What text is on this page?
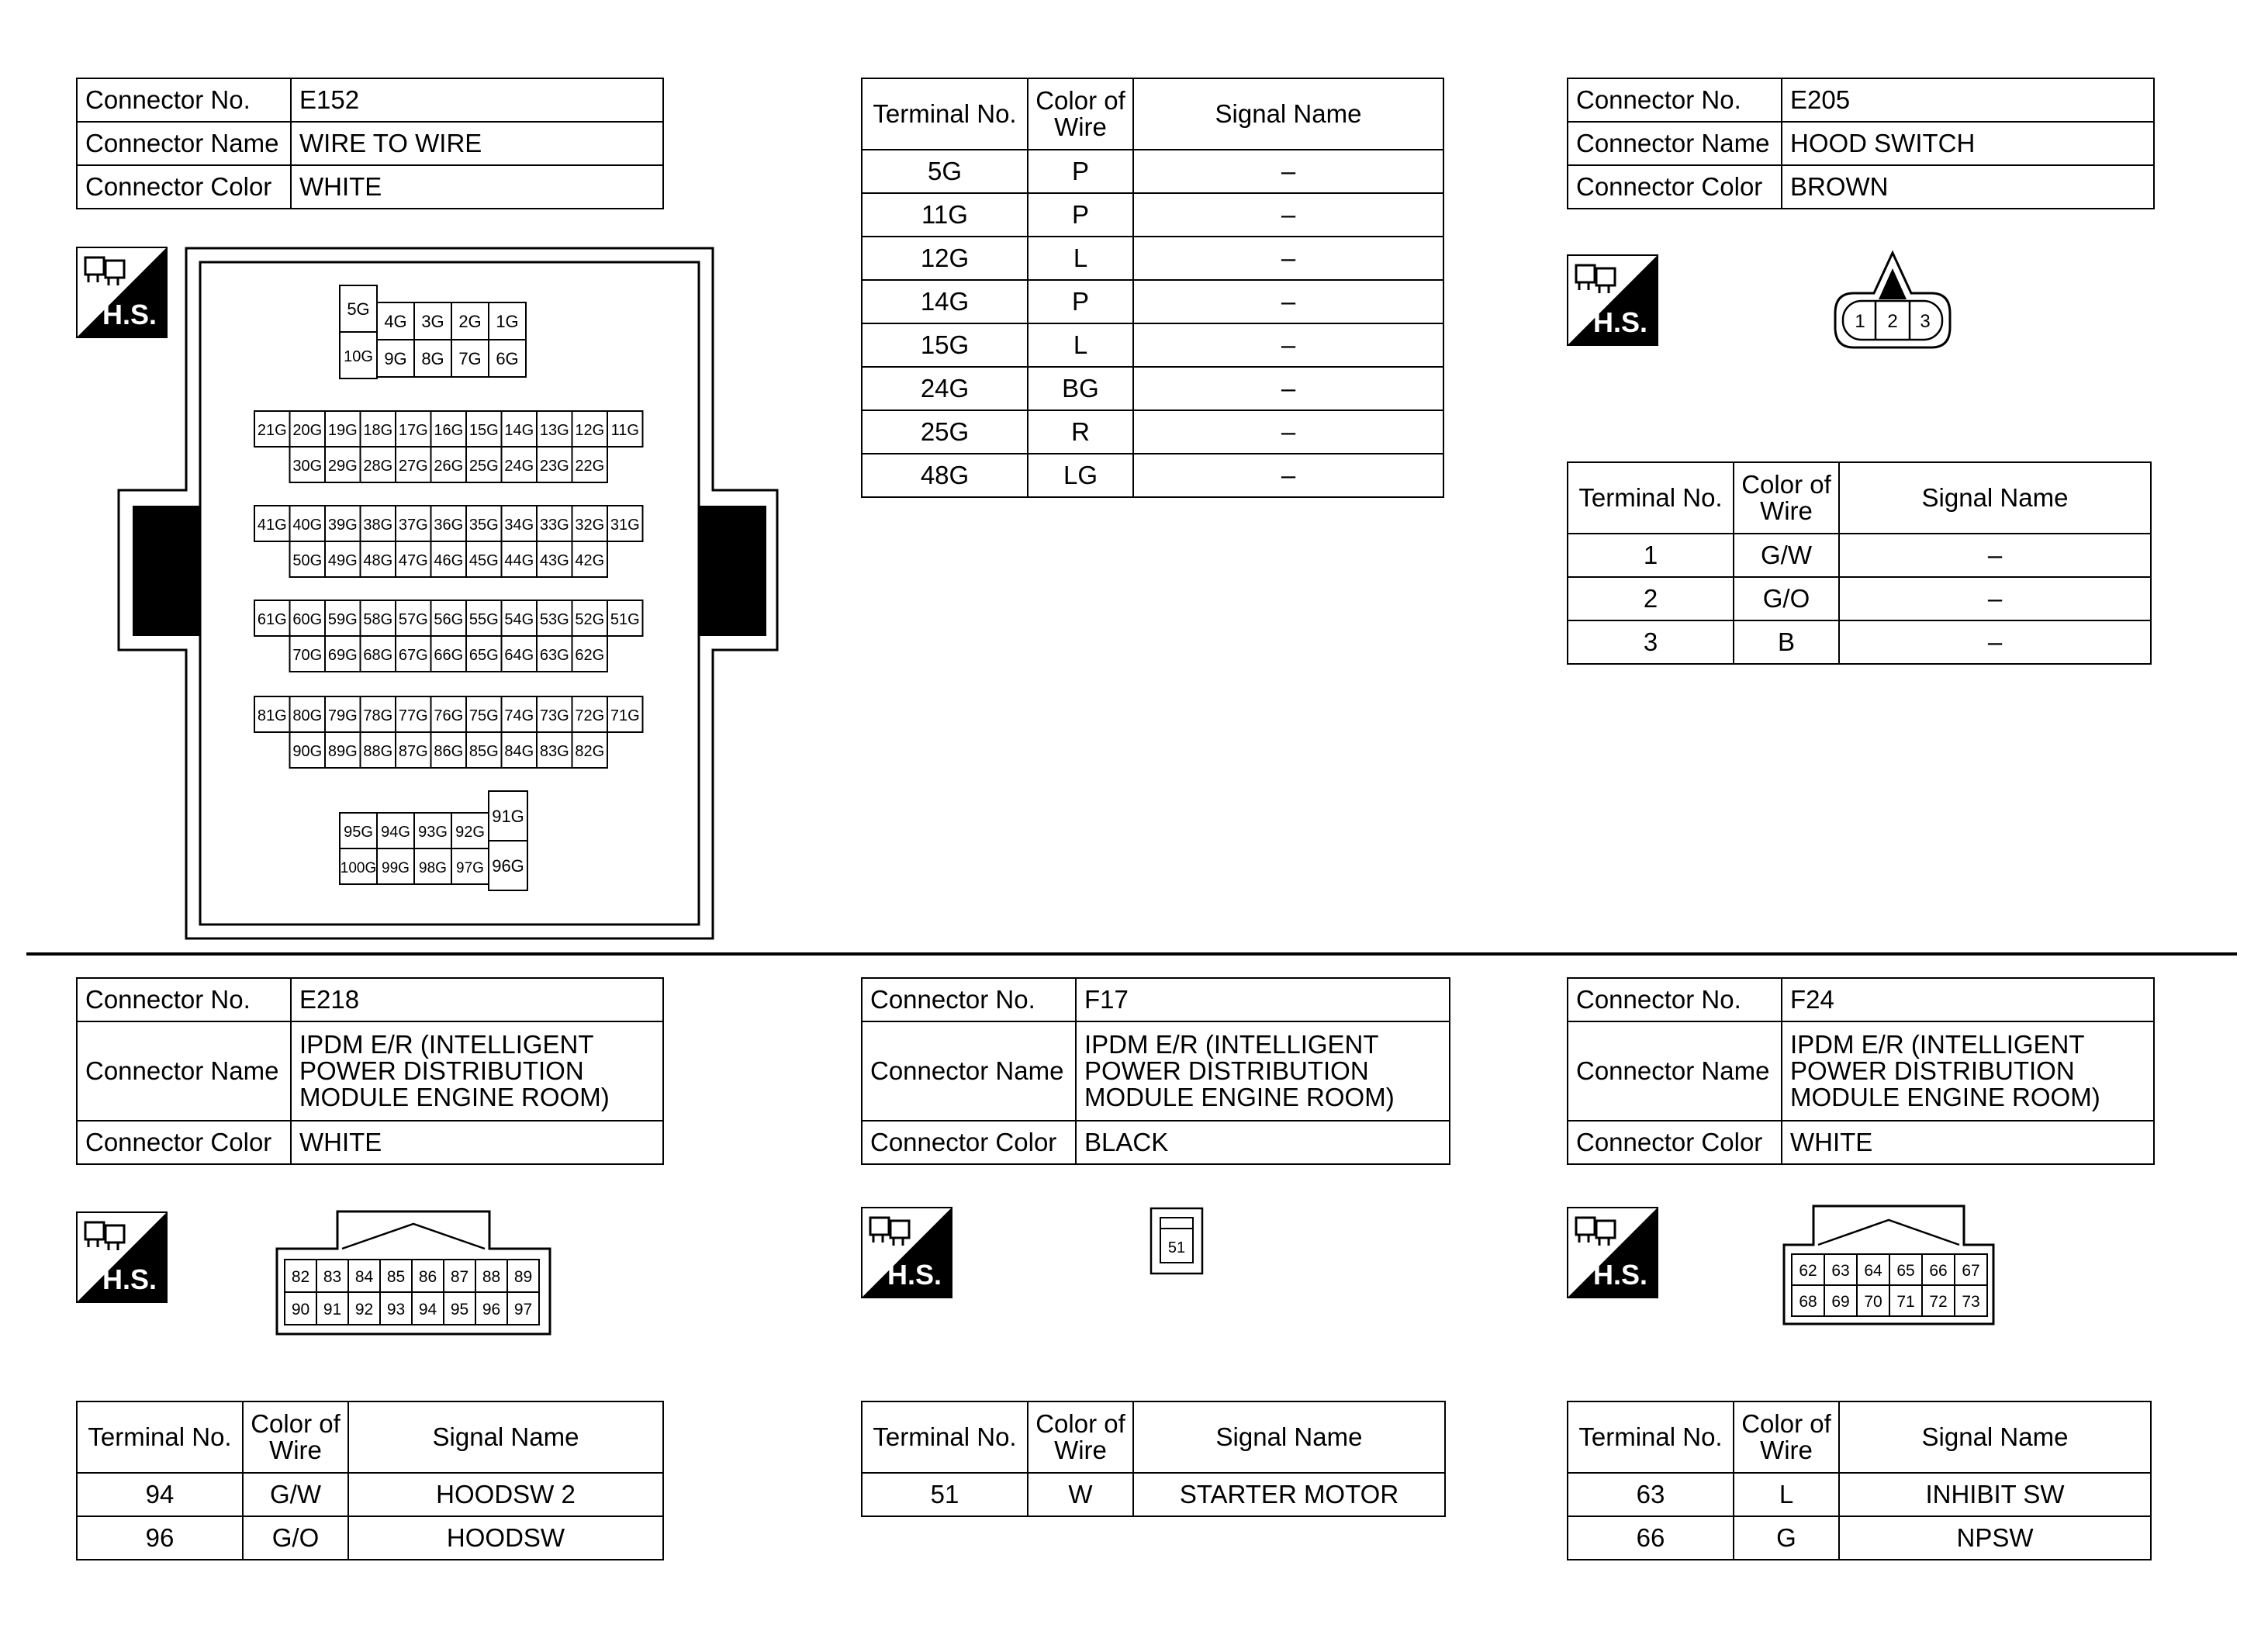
Connector No.	E152
Connector Name	WIRE TO WIRE
Connector Color	WHITE
H.S.	5G
10G
4G 3G 2G 1G
9G 8G 7G 6G
21G 20G 19G 18G 17G 16G 15G 14G 13G 12G 11G
30G 29G 28G 27G 26G 25G 24G 23G 22G
41G 40G 39G 38G 37G 36G 35G 34G 33G 32G 31G
50G 49G 48G 47G 46G 45G 44G 43G 42G
61G 60G 59G 58G 57G 56G 55G 54G 53G 52G 51G
70G 69G 68G 67G 66G 65G 64G 63G 62G
81G 80G 79G 78G 77G 76G 75G 74G 73G 72G 71G
90G 89G 88G 87G 86G 85G 84G 83G 82G
95G 94G 93G 92G
100G 99G 98G 97G
91G
96G
Terminal No.	Color of Wire	Signal Name
5G	P	–
11G	P	–
12G	L	–
14G	P	–
15G	L	–
24G	BG	–
25G	R	–
48G	LG	–
Connector No.	E205
Connector Name	HOOD SWITCH
Connector Color	BROWN
H.S.	1 2 3
Terminal No.	Color of Wire	Signal Name
1	G/W	–
2	G/O	–
3	B	–
Connector No.	E218
Connector Name	IPDM E/R (INTELLIGENT
POWER DISTRIBUTION
MODULE ENGINE ROOM)
Connector Color	WHITE
H.S.	82 83 84 85 86 87 88 89
90 91 92 93 94 95 96 97
Terminal No.	Color of Wire	Signal Name
94	G/W	HOODSW 2
96	G/O	HOODSW
Connector No.	F17
Connector Name	IPDM E/R (INTELLIGENT
POWER DISTRIBUTION
MODULE ENGINE ROOM)
Connector Color	BLACK
H.S.
51
Terminal No.	Color of Wire	Signal Name
51	W	STARTER MOTOR
Connector No.	F24
Connector Name	IPDM E/R (INTELLIGENT
POWER DISTRIBUTION
MODULE ENGINE ROOM)
Connector Color	WHITE
H.S.	62 63 64 65 66 67
68 69 70 71 72 73
Terminal No.	Color of Wire	Signal Name
63	L	INHIBIT SW
66	G	NPSW
